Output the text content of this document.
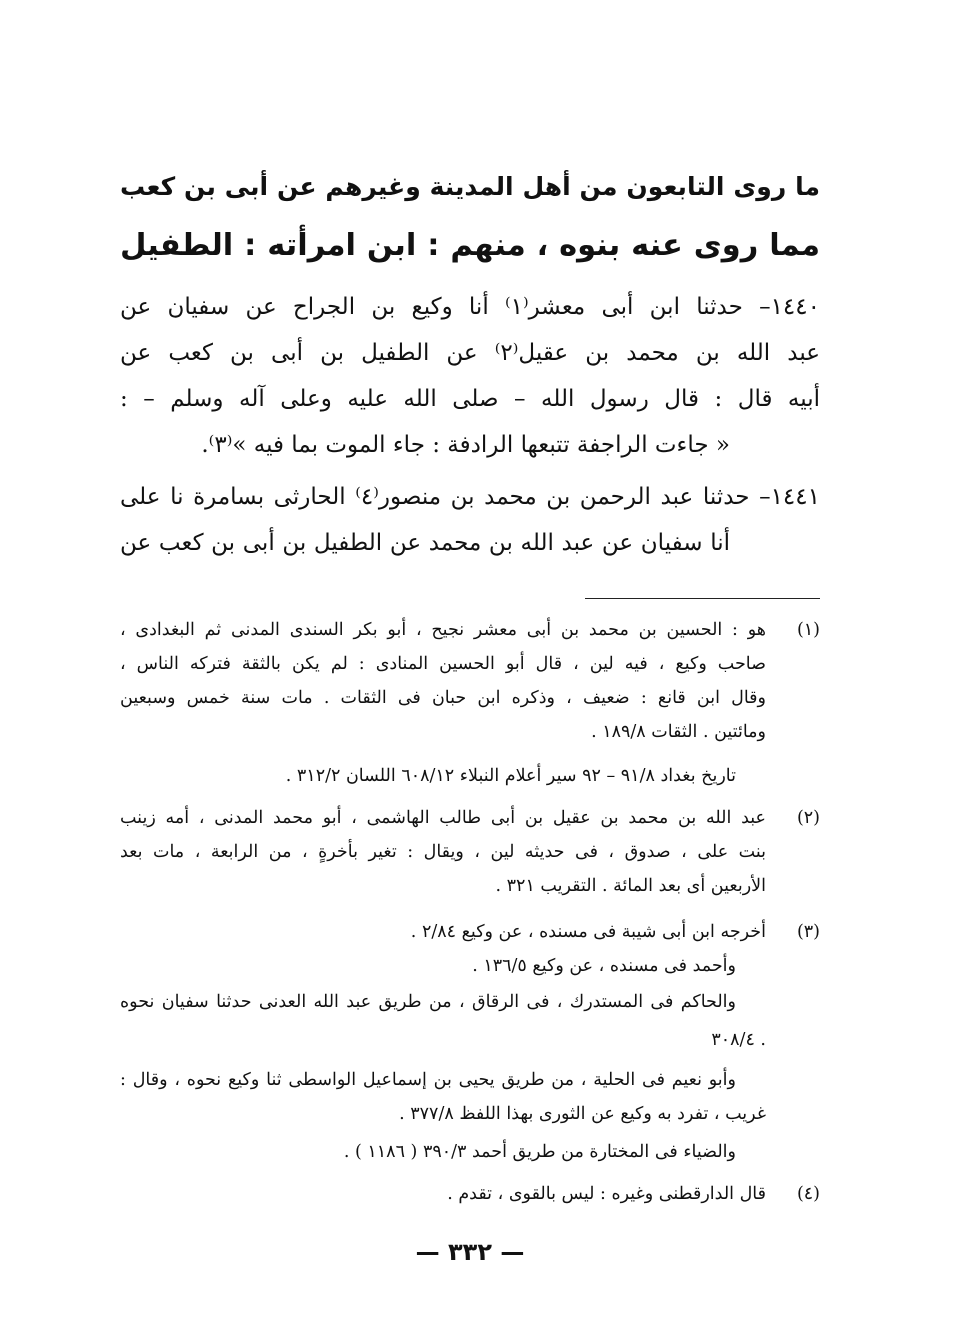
ما روى التابعون من أهل المدينة وغيرهم عن أبى بن كعب
مما روى عنه بنوه ، منهم : ابن امرأته : الطفيل
١٤٤٠– حدثنا ابن أبى معشر⁽١⁾ أنا وكيع بن الجراح عن سفيان عن
عبد الله بن محمد بن عقيل⁽٢⁾ عن الطفيل بن أبى بن كعب عن
أبيه قال : قال رسول الله – صلى الله عليه وعلى آله وسلم – :
« جاءت الراجفة تتبعها الرادفة : جاء الموت بما فيه »⁽٣⁾.
١٤٤١– حدثنا عبد الرحمن بن محمد بن منصور⁽٤⁾ الحارثى بسامرة نا على
أنا سفيان عن عبد الله بن محمد عن الطفيل بن أبى بن كعب عن
(١)
هو : الحسين بن محمد بن أبى معشر نجيح ، أبو بكر السندى المدنى ثم البغدادى ،
صاحب وكيع ، فيه لين ، قال أبو الحسين المنادى : لم يكن بالثقة فتركه الناس ،
وقال ابن قانع : ضعيف ، وذكره ابن حبان فى الثقات . مات سنة خمس وسبعين
ومائتين . الثقات ١٨٩/٨ .
تاريخ بغداد ٩١/٨ – ٩٢ سير أعلام النبلاء ٦٠٨/١٢ اللسان ٣١٢/٢ .
(٢)
عبد الله بن محمد بن عقيل بن أبى طالب الهاشمى ، أبو محمد المدنى ، أمه زينب
بنت على ، صدوق ، فى حديثه لين ، ويقال : تغير بأخرةٍ ، من الرابعة ، مات بعد
الأربعين أى بعد المائة . التقريب ٣٢١ .
(٣)
أخرجه ابن أبى شيبة فى مسنده ، عن وكيع ٢/٨٤ .
وأحمد فى مسنده ، عن وكيع ١٣٦/٥ .
والحاكم فى المستدرك ، فى الرقاق ، من طريق عبد الله العدنى حدثنا سفيان نحوه
٣٠٨/٤ .
وأبو نعيم فى الحلية ، من طريق يحيى بن إسماعيل الواسطى ثنا وكيع نحوه ، وقال :
غريب ، تفرد به وكيع عن الثورى بهذا اللفظ ٣٧٧/٨ .
والضياء فى المختارة من طريق أحمد ٣٩٠/٣ ( ١١٨٦ ) .
(٤)
قال الدارقطنى وغيره : ليس بالقوى ، تقدم .
— ٣٣٢ —
